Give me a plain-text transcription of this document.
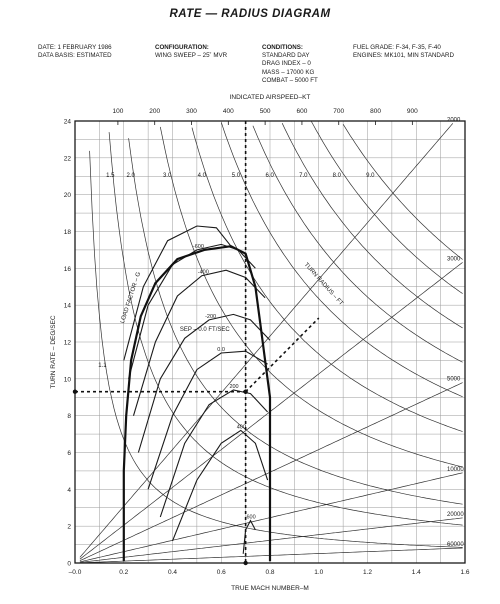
RATE — RADIUS DIAGRAM
DATE: 1 FEBRUARY 1986
DATA BASIS: ESTIMATED
CONFIGURATION:
WING SWEEP – 25˚ MVR
CONDITIONS:
STANDARD DAY
DRAG INDEX – 0
MASS – 17000 KG
COMBAT – 5000 FT
FUEL GRADE: F-34, F-35, F-40
ENGINES: MK101, MIN STANDARD
0
2
4
6
8
10
12
14
16
18
20
22
24
–0.0	0.2	0.4	0.6	0.8	1.0	1.2	1.4	1.6
TRUE MACH NUMBER–M
TURN RATE – DEG/SEC
INDICATED AIRSPEED–KT
100	200	300	400	500	600	700	800	900
1.1
1.5 2.0	3.0	4.0	5.0	6.0	7.0	8.0	9.0
LOAD FACTOR – G
2000
3000
5000
10000
20000
60000
TURN RADIUS – FT
600
400
200
0.0
-200
-400
-600
SEP – 0.0 FT/SEC
